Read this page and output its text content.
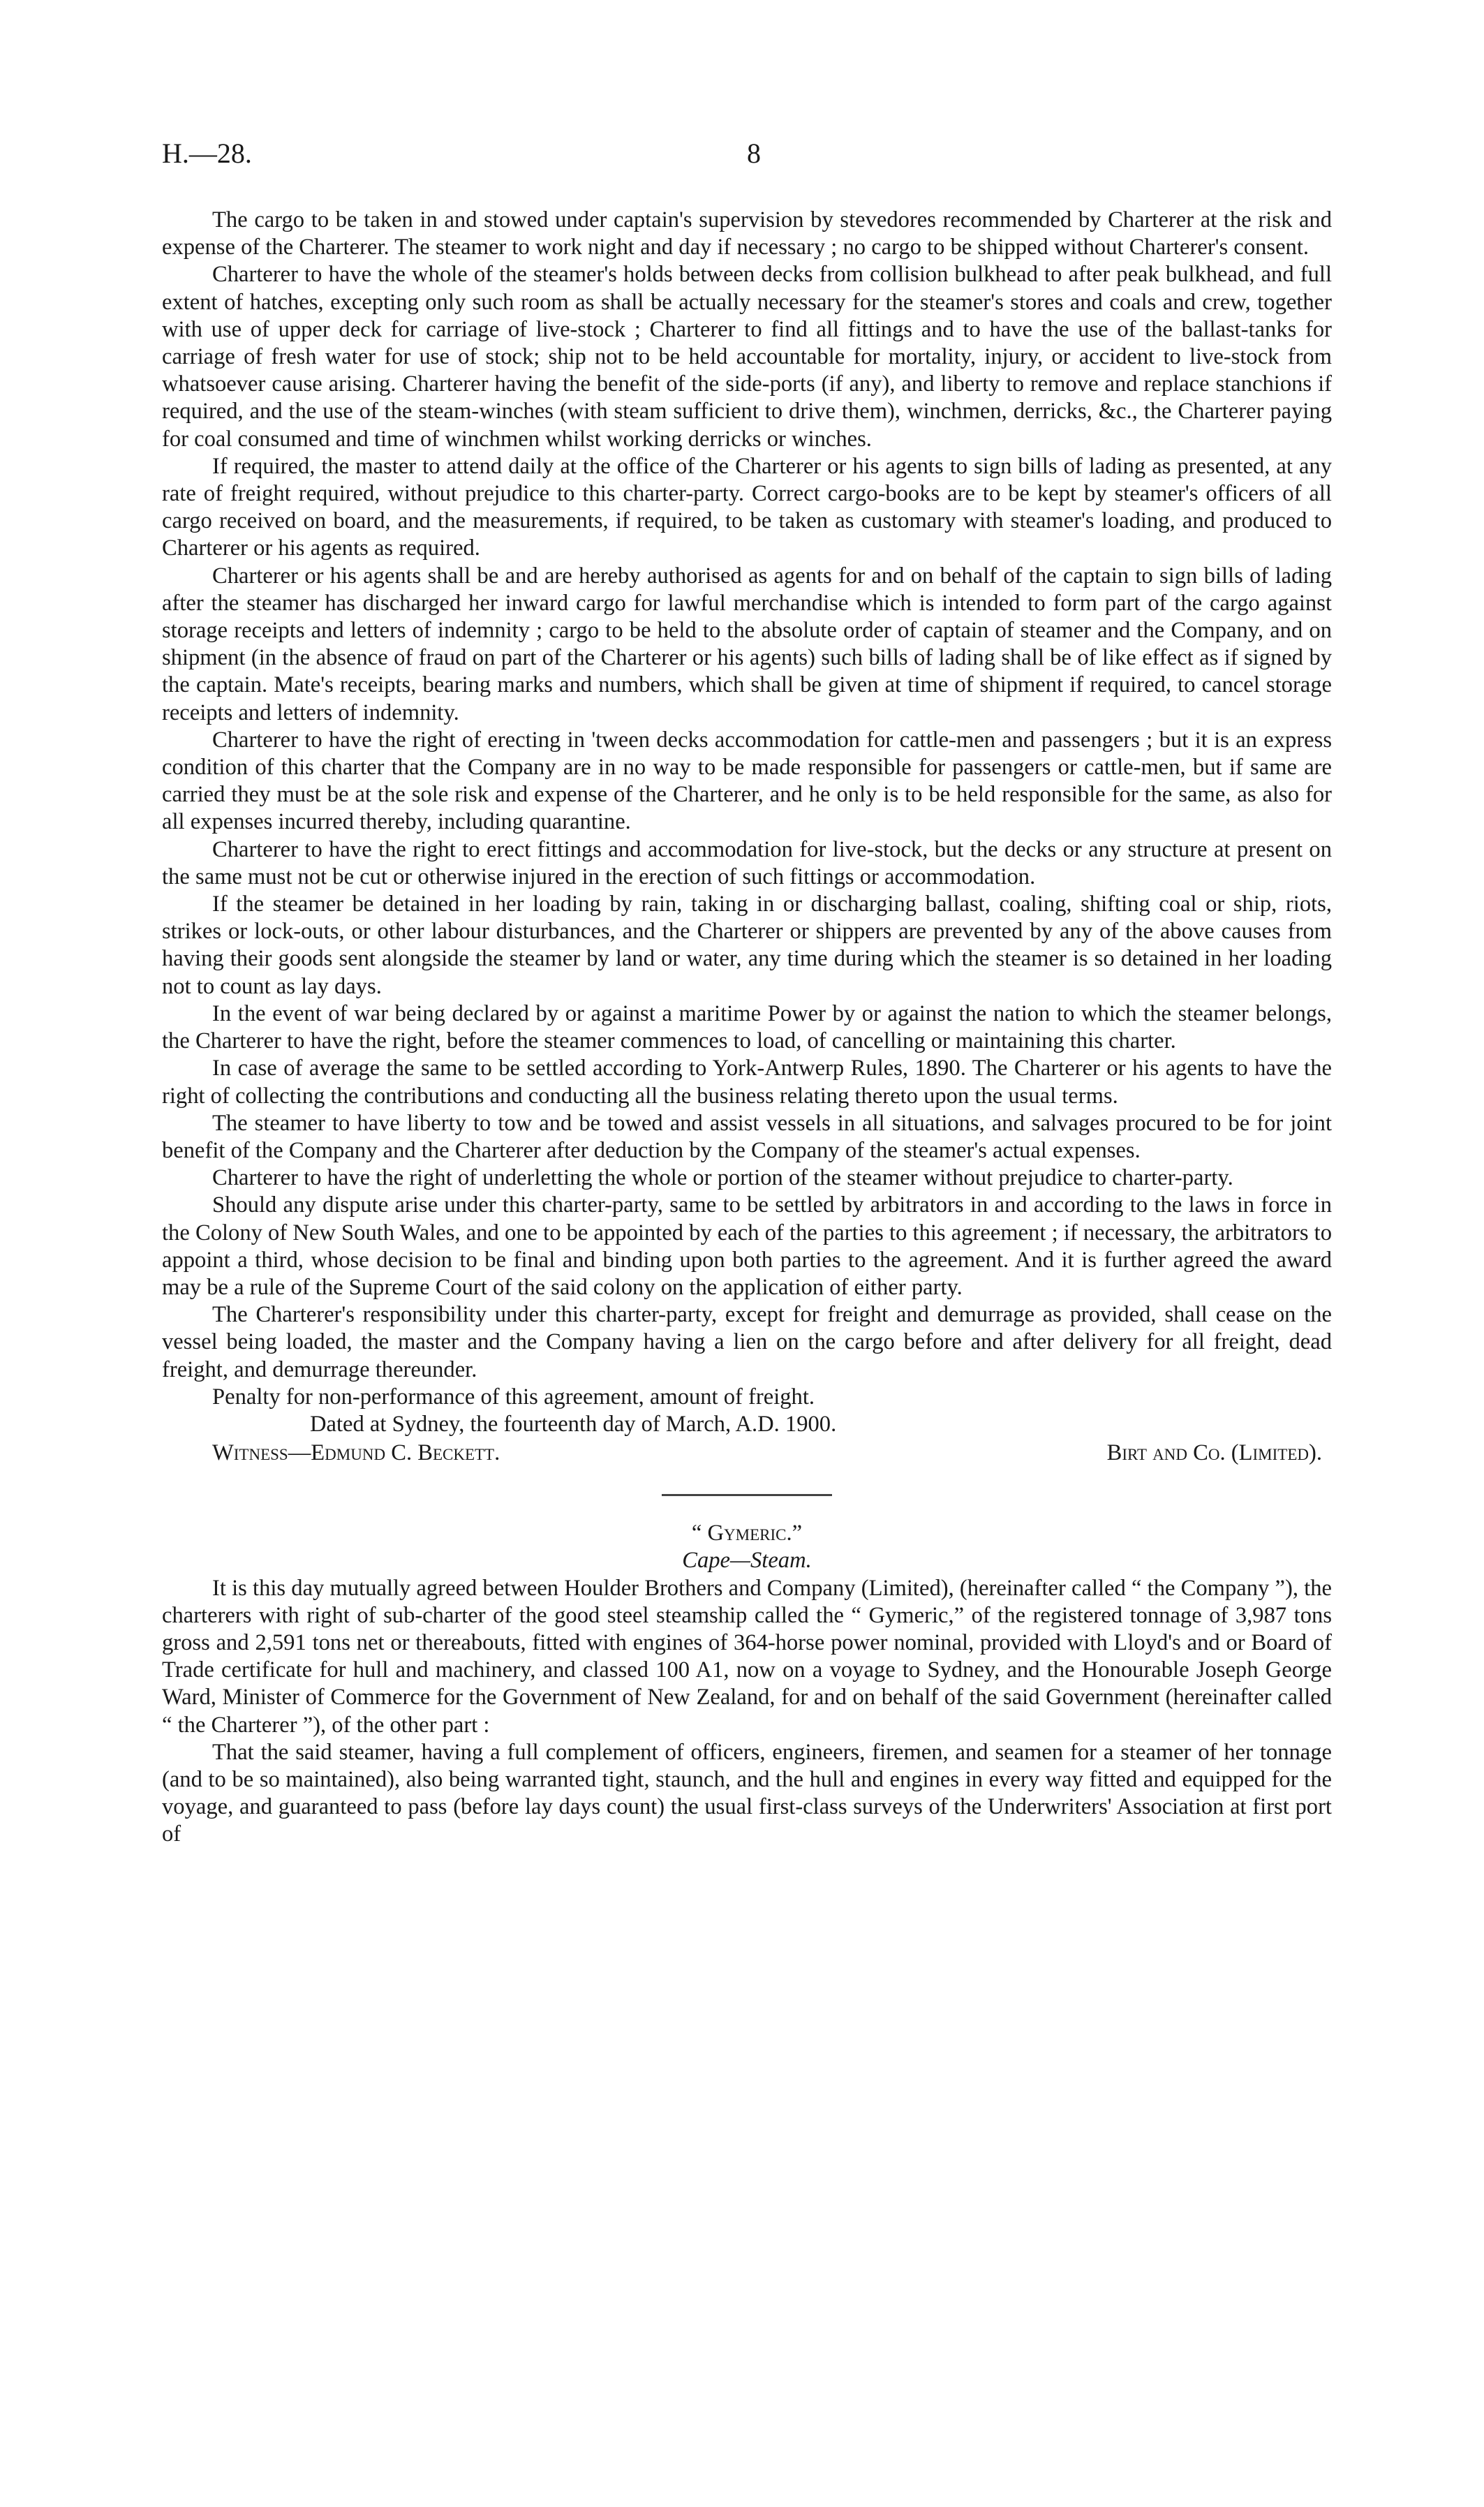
H.—28.	8

The cargo to be taken in and stowed under captain's supervision by stevedores recommended by Charterer at the risk and expense of the Charterer. The steamer to work night and day if necessary ; no cargo to be shipped without Charterer's consent.

Charterer to have the whole of the steamer's holds between decks from collision bulkhead to after peak bulkhead, and full extent of hatches, excepting only such room as shall be actually necessary for the steamer's stores and coals and crew, together with use of upper deck for carriage of live-stock ; Charterer to find all fittings and to have the use of the ballast-tanks for carriage of fresh water for use of stock; ship not to be held accountable for mortality, injury, or accident to live-stock from whatsoever cause arising. Charterer having the benefit of the side-ports (if any), and liberty to remove and replace stanchions if required, and the use of the steam-winches (with steam sufficient to drive them), winchmen, derricks, &c., the Charterer paying for coal consumed and time of winchmen whilst working derricks or winches.

If required, the master to attend daily at the office of the Charterer or his agents to sign bills of lading as presented, at any rate of freight required, without prejudice to this charter-party. Correct cargo-books are to be kept by steamer's officers of all cargo received on board, and the measurements, if required, to be taken as customary with steamer's loading, and produced to Charterer or his agents as required.

Charterer or his agents shall be and are hereby authorised as agents for and on behalf of the captain to sign bills of lading after the steamer has discharged her inward cargo for lawful merchandise which is intended to form part of the cargo against storage receipts and letters of indemnity ; cargo to be held to the absolute order of captain of steamer and the Company, and on shipment (in the absence of fraud on part of the Charterer or his agents) such bills of lading shall be of like effect as if signed by the captain. Mate's receipts, bearing marks and numbers, which shall be given at time of shipment if required, to cancel storage receipts and letters of indemnity.

Charterer to have the right of erecting in 'tween decks accommodation for cattle-men and passengers ; but it is an express condition of this charter that the Company are in no way to be made responsible for passengers or cattle-men, but if same are carried they must be at the sole risk and expense of the Charterer, and he only is to be held responsible for the same, as also for all expenses incurred thereby, including quarantine.

Charterer to have the right to erect fittings and accommodation for live-stock, but the decks or any structure at present on the same must not be cut or otherwise injured in the erection of such fittings or accommodation.

If the steamer be detained in her loading by rain, taking in or discharging ballast, coaling, shifting coal or ship, riots, strikes or lock-outs, or other labour disturbances, and the Charterer or shippers are prevented by any of the above causes from having their goods sent alongside the steamer by land or water, any time during which the steamer is so detained in her loading not to count as lay days.

In the event of war being declared by or against a maritime Power by or against the nation to which the steamer belongs, the Charterer to have the right, before the steamer commences to load, of cancelling or maintaining this charter.

In case of average the same to be settled according to York-Antwerp Rules, 1890. The Charterer or his agents to have the right of collecting the contributions and conducting all the business relating thereto upon the usual terms.

The steamer to have liberty to tow and be towed and assist vessels in all situations, and salvages procured to be for joint benefit of the Company and the Charterer after deduction by the Company of the steamer's actual expenses.

Charterer to have the right of underletting the whole or portion of the steamer without prejudice to charter-party.

Should any dispute arise under this charter-party, same to be settled by arbitrators in and according to the laws in force in the Colony of New South Wales, and one to be appointed by each of the parties to this agreement ; if necessary, the arbitrators to appoint a third, whose decision to be final and binding upon both parties to the agreement. And it is further agreed the award may be a rule of the Supreme Court of the said colony on the application of either party.

The Charterer's responsibility under this charter-party, except for freight and demurrage as provided, shall cease on the vessel being loaded, the master and the Company having a lien on the cargo before and after delivery for all freight, dead freight, and demurrage thereunder.

Penalty for non-performance of this agreement, amount of freight.

Dated at Sydney, the fourteenth day of March, A.D. 1900.

Witness—Edmund C. Beckett.	Birt and Co. (Limited).

“ Gymeric.”

Cape—Steam.

It is this day mutually agreed between Houlder Brothers and Company (Limited), (hereinafter called “ the Company ”), the charterers with right of sub-charter of the good steel steamship called the “ Gymeric,” of the registered tonnage of 3,987 tons gross and 2,591 tons net or thereabouts, fitted with engines of 364-horse power nominal, provided with Lloyd's and or Board of Trade certificate for hull and machinery, and classed 100 A1, now on a voyage to Sydney, and the Honourable Joseph George Ward, Minister of Commerce for the Government of New Zealand, for and on behalf of the said Government (hereinafter called “ the Charterer ”), of the other part :

That the said steamer, having a full complement of officers, engineers, firemen, and seamen for a steamer of her tonnage (and to be so maintained), also being warranted tight, staunch, and the hull and engines in every way fitted and equipped for the voyage, and guaranteed to pass (before lay days count) the usual first-class surveys of the Underwriters' Association at first port of
